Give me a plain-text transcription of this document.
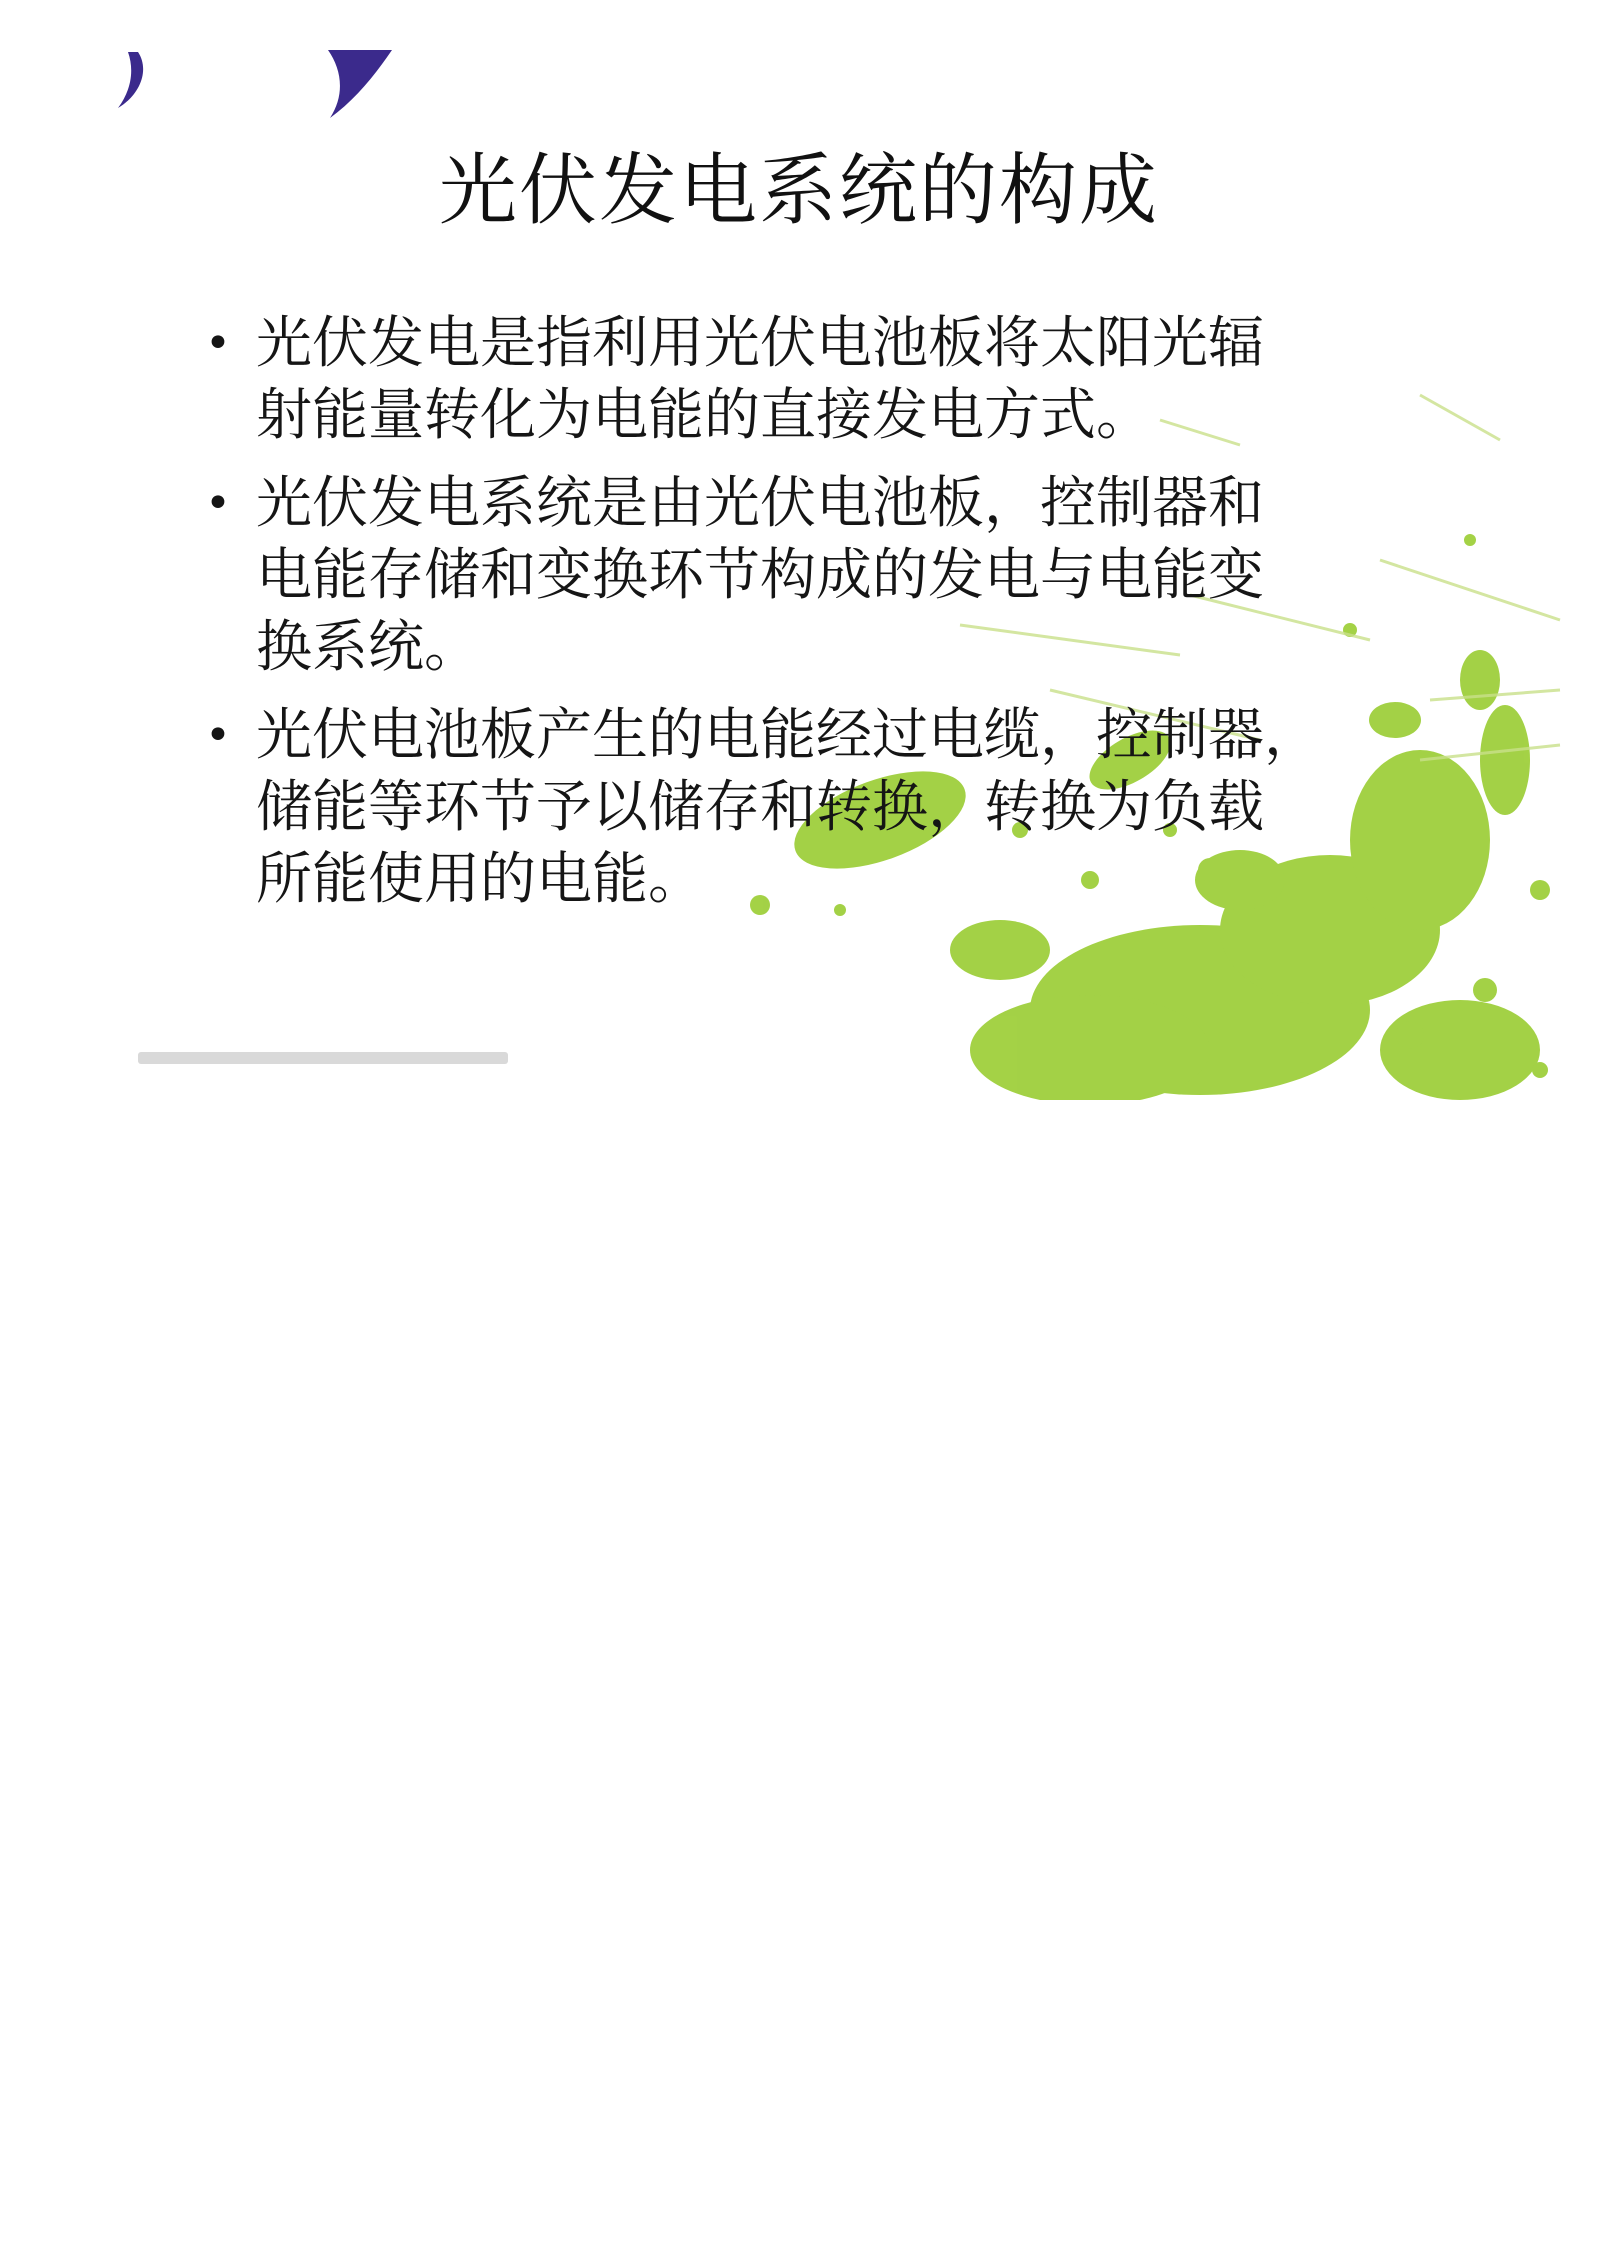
光伏发电系统的构成
• 光伏发电是指利用光伏电池板将太阳光辐
射能量转化为电能的直接发电方式。
• 光伏发电系统是由光伏电池板，控制器和
电能存储和变换环节构成的发电与电能变
换系统。
• 光伏电池板产生的电能经过电缆，控制器，
储能等环节予以储存和转换，转换为负载
所能使用的电能。
